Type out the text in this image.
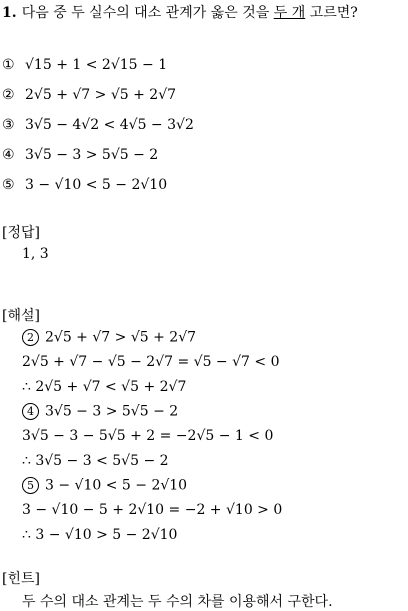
1. 다음 중 두 실수의 대소 관계가 옳은 것을 두 개 고르면?
① √15 + 1 < 2√15 − 1
② 2√5 + √7 > √5 + 2√7
③ 3√5 − 4√2 < 4√5 − 3√2
④ 3√5 − 3 > 5√5 − 2
⑤ 3 − √10 < 5 − 2√10
[정답]
1, 3
[해설]
2 2√5 + √7 > √5 + 2√7
2√5 + √7 − √5 − 2√7 = √5 − √7 < 0
∴ 2√5 + √7 < √5 + 2√7
4 3√5 − 3 > 5√5 − 2
3√5 − 3 − 5√5 + 2 = −2√5 − 1 < 0
∴ 3√5 − 3 < 5√5 − 2
5 3 − √10 < 5 − 2√10
3 − √10 − 5 + 2√10 = −2 + √10 > 0
∴ 3 − √10 > 5 − 2√10
[힌트]
두 수의 대소 관계는 두 수의 차를 이용해서 구한다.
